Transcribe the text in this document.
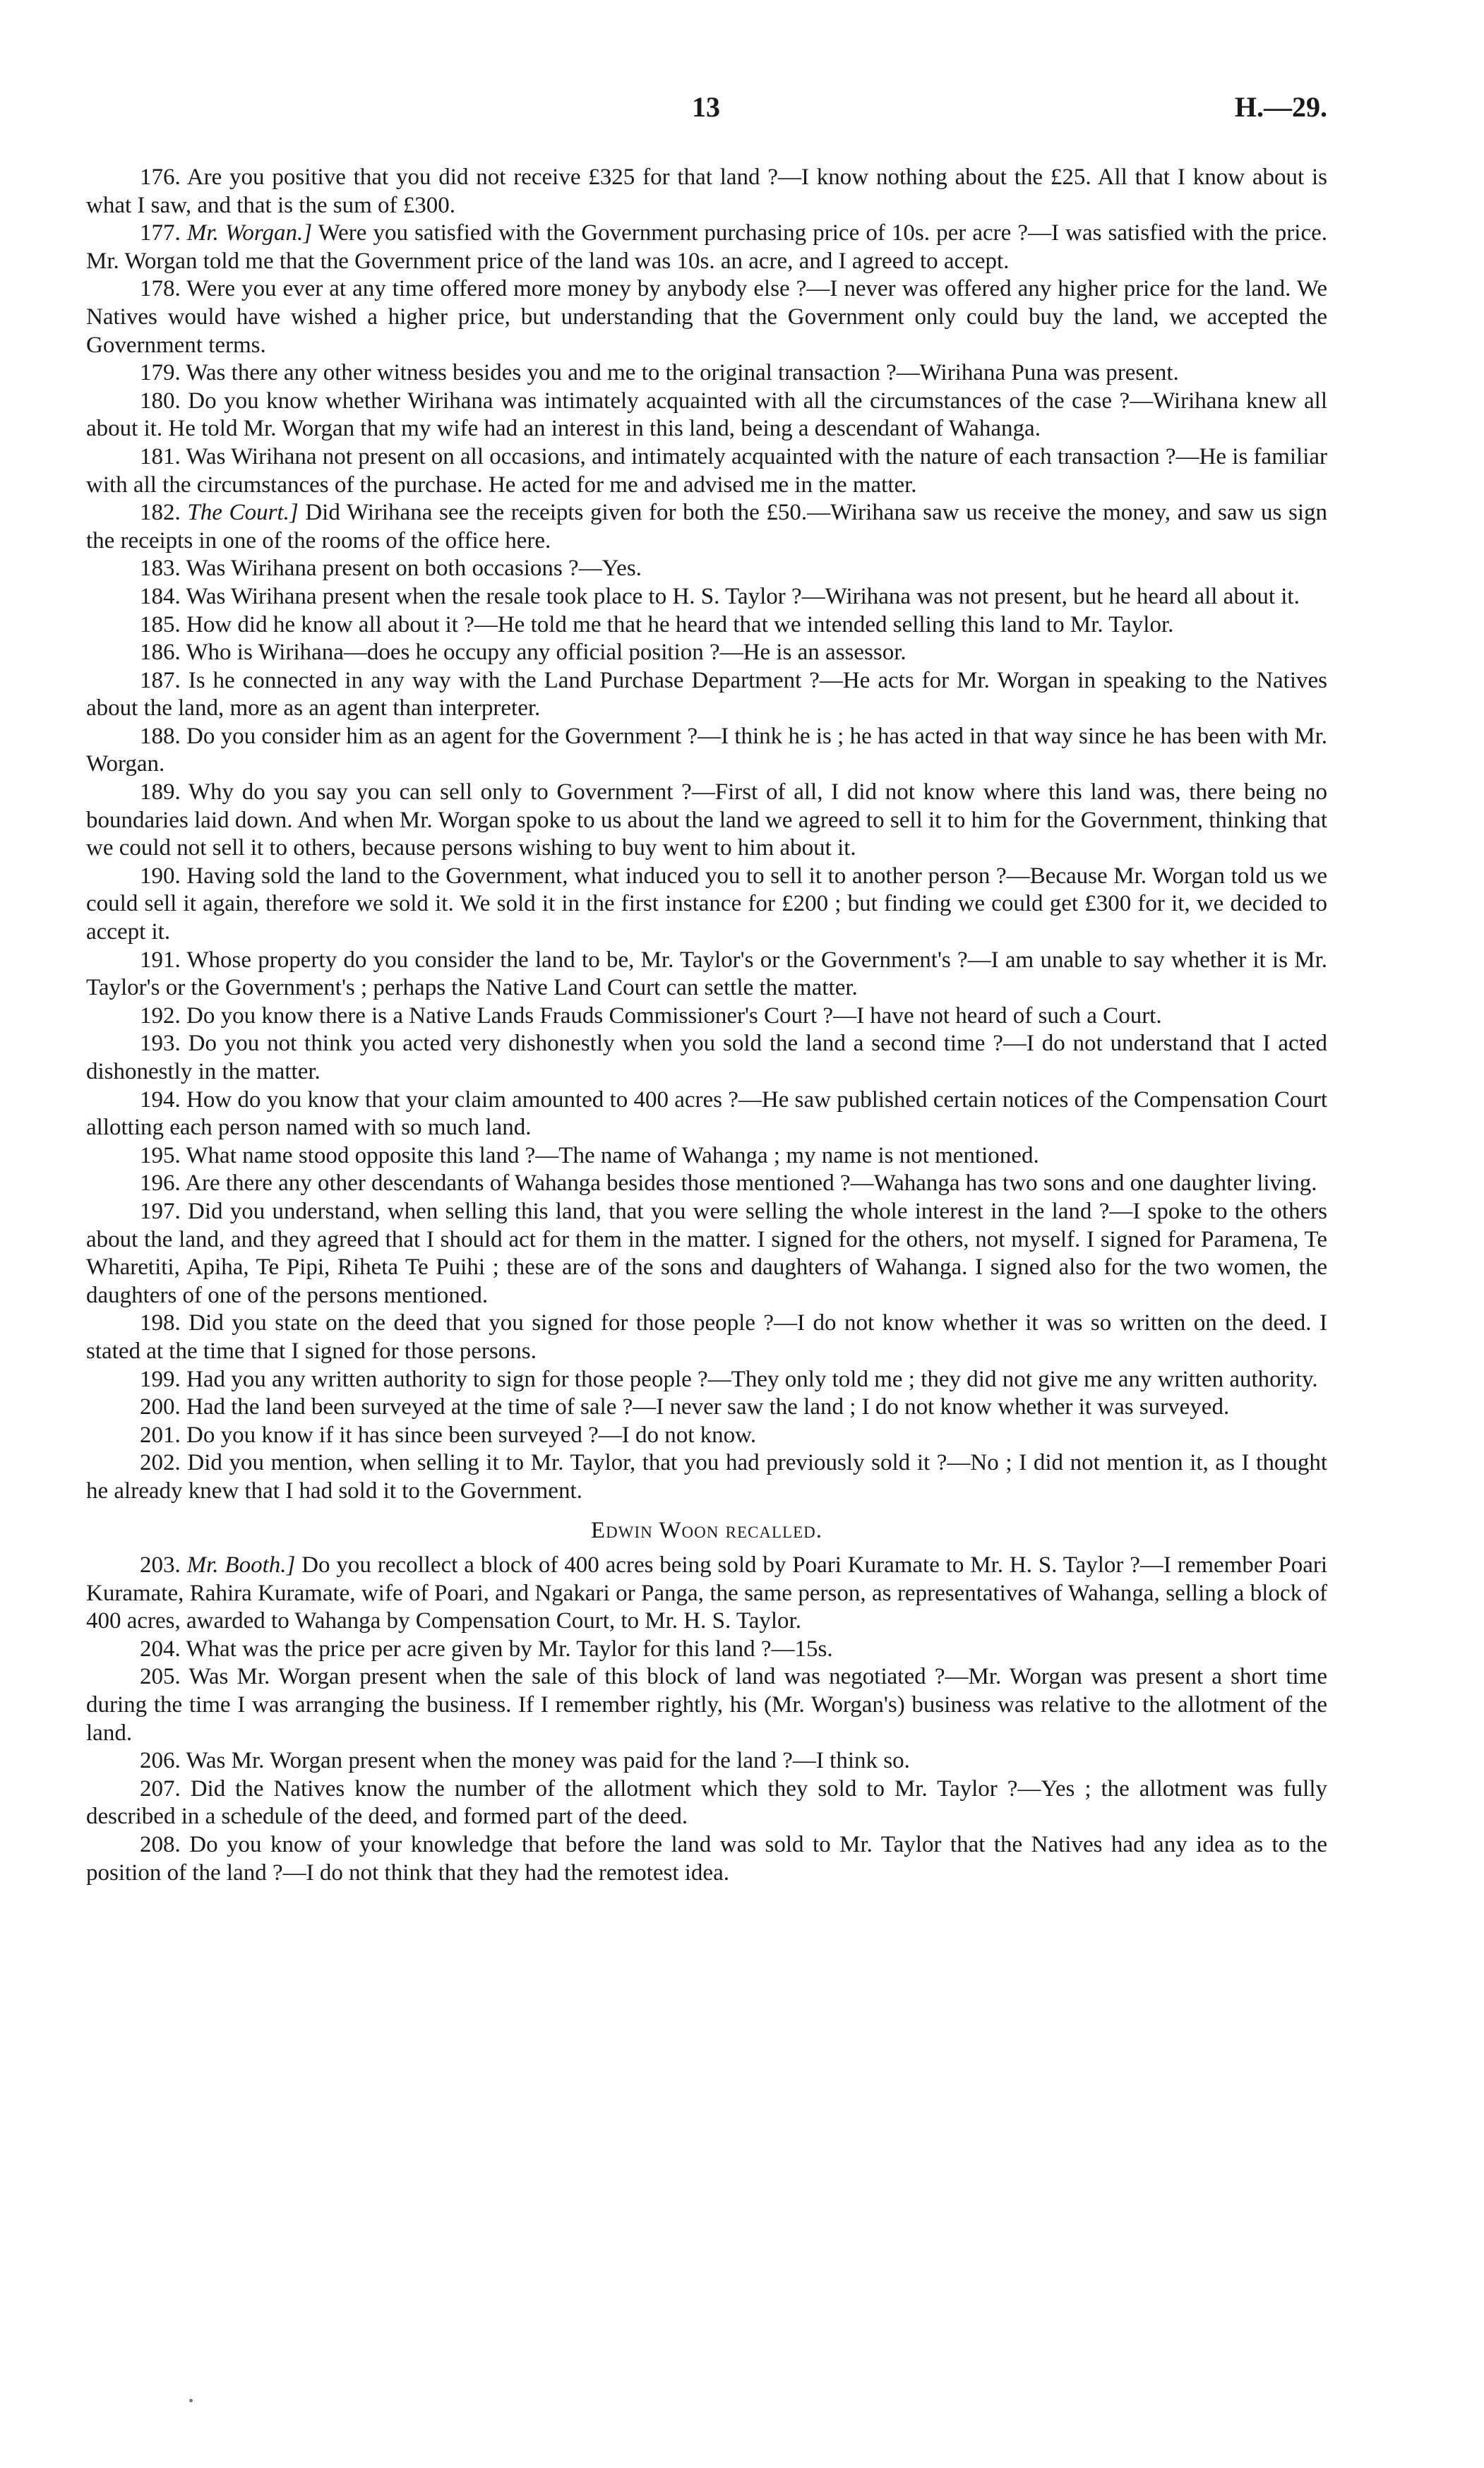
13	H.—29.

176. Are you positive that you did not receive £325 for that land ?—I know nothing about the £25. All that I know about is what I saw, and that is the sum of £300.

177. Mr. Worgan.] Were you satisfied with the Government purchasing price of 10s. per acre ?—I was satisfied with the price. Mr. Worgan told me that the Government price of the land was 10s. an acre, and I agreed to accept.

178. Were you ever at any time offered more money by anybody else ?—I never was offered any higher price for the land. We Natives would have wished a higher price, but understanding that the Government only could buy the land, we accepted the Government terms.

179. Was there any other witness besides you and me to the original transaction ?—Wirihana Puna was present.

180. Do you know whether Wirihana was intimately acquainted with all the circumstances of the case ?—Wirihana knew all about it. He told Mr. Worgan that my wife had an interest in this land, being a descendant of Wahanga.

181. Was Wirihana not present on all occasions, and intimately acquainted with the nature of each transaction ?—He is familiar with all the circumstances of the purchase. He acted for me and advised me in the matter.

182. The Court.] Did Wirihana see the receipts given for both the £50.—Wirihana saw us receive the money, and saw us sign the receipts in one of the rooms of the office here.

183. Was Wirihana present on both occasions ?—Yes.

184. Was Wirihana present when the resale took place to H. S. Taylor ?—Wirihana was not present, but he heard all about it.

185. How did he know all about it ?—He told me that he heard that we intended selling this land to Mr. Taylor.

186. Who is Wirihana—does he occupy any official position ?—He is an assessor.

187. Is he connected in any way with the Land Purchase Department ?—He acts for Mr. Worgan in speaking to the Natives about the land, more as an agent than interpreter.

188. Do you consider him as an agent for the Government ?—I think he is ; he has acted in that way since he has been with Mr. Worgan.

189. Why do you say you can sell only to Government ?—First of all, I did not know where this land was, there being no boundaries laid down. And when Mr. Worgan spoke to us about the land we agreed to sell it to him for the Government, thinking that we could not sell it to others, because persons wishing to buy went to him about it.

190. Having sold the land to the Government, what induced you to sell it to another person ?—Because Mr. Worgan told us we could sell it again, therefore we sold it. We sold it in the first instance for £200 ; but finding we could get £300 for it, we decided to accept it.

191. Whose property do you consider the land to be, Mr. Taylor's or the Government's ?—I am unable to say whether it is Mr. Taylor's or the Government's ; perhaps the Native Land Court can settle the matter.

192. Do you know there is a Native Lands Frauds Commissioner's Court ?—I have not heard of such a Court.

193. Do you not think you acted very dishonestly when you sold the land a second time ?—I do not understand that I acted dishonestly in the matter.

194. How do you know that your claim amounted to 400 acres ?—He saw published certain notices of the Compensation Court allotting each person named with so much land.

195. What name stood opposite this land ?—The name of Wahanga ; my name is not mentioned.

196. Are there any other descendants of Wahanga besides those mentioned ?—Wahanga has two sons and one daughter living.

197. Did you understand, when selling this land, that you were selling the whole interest in the land ?—I spoke to the others about the land, and they agreed that I should act for them in the matter. I signed for the others, not myself. I signed for Paramena, Te Wharetiti, Apiha, Te Pipi, Riheta Te Puihi ; these are of the sons and daughters of Wahanga. I signed also for the two women, the daughters of one of the persons mentioned.

198. Did you state on the deed that you signed for those people ?—I do not know whether it was so written on the deed. I stated at the time that I signed for those persons.

199. Had you any written authority to sign for those people ?—They only told me ; they did not give me any written authority.

200. Had the land been surveyed at the time of sale ?—I never saw the land ; I do not know whether it was surveyed.

201. Do you know if it has since been surveyed ?—I do not know.

202. Did you mention, when selling it to Mr. Taylor, that you had previously sold it ?—No ; I did not mention it, as I thought he already knew that I had sold it to the Government.

Edwin Woon recalled.

203. Mr. Booth.] Do you recollect a block of 400 acres being sold by Poari Kuramate to Mr. H. S. Taylor ?—I remember Poari Kuramate, Rahira Kuramate, wife of Poari, and Ngakari or Panga, the same person, as representatives of Wahanga, selling a block of 400 acres, awarded to Wahanga by Compensation Court, to Mr. H. S. Taylor.

204. What was the price per acre given by Mr. Taylor for this land ?—15s.

205. Was Mr. Worgan present when the sale of this block of land was negotiated ?—Mr. Worgan was present a short time during the time I was arranging the business. If I remember rightly, his (Mr. Worgan's) business was relative to the allotment of the land.

206. Was Mr. Worgan present when the money was paid for the land ?—I think so.

207. Did the Natives know the number of the allotment which they sold to Mr. Taylor ?—Yes ; the allotment was fully described in a schedule of the deed, and formed part of the deed.

208. Do you know of your knowledge that before the land was sold to Mr. Taylor that the Natives had any idea as to the position of the land ?—I do not think that they had the remotest idea.
